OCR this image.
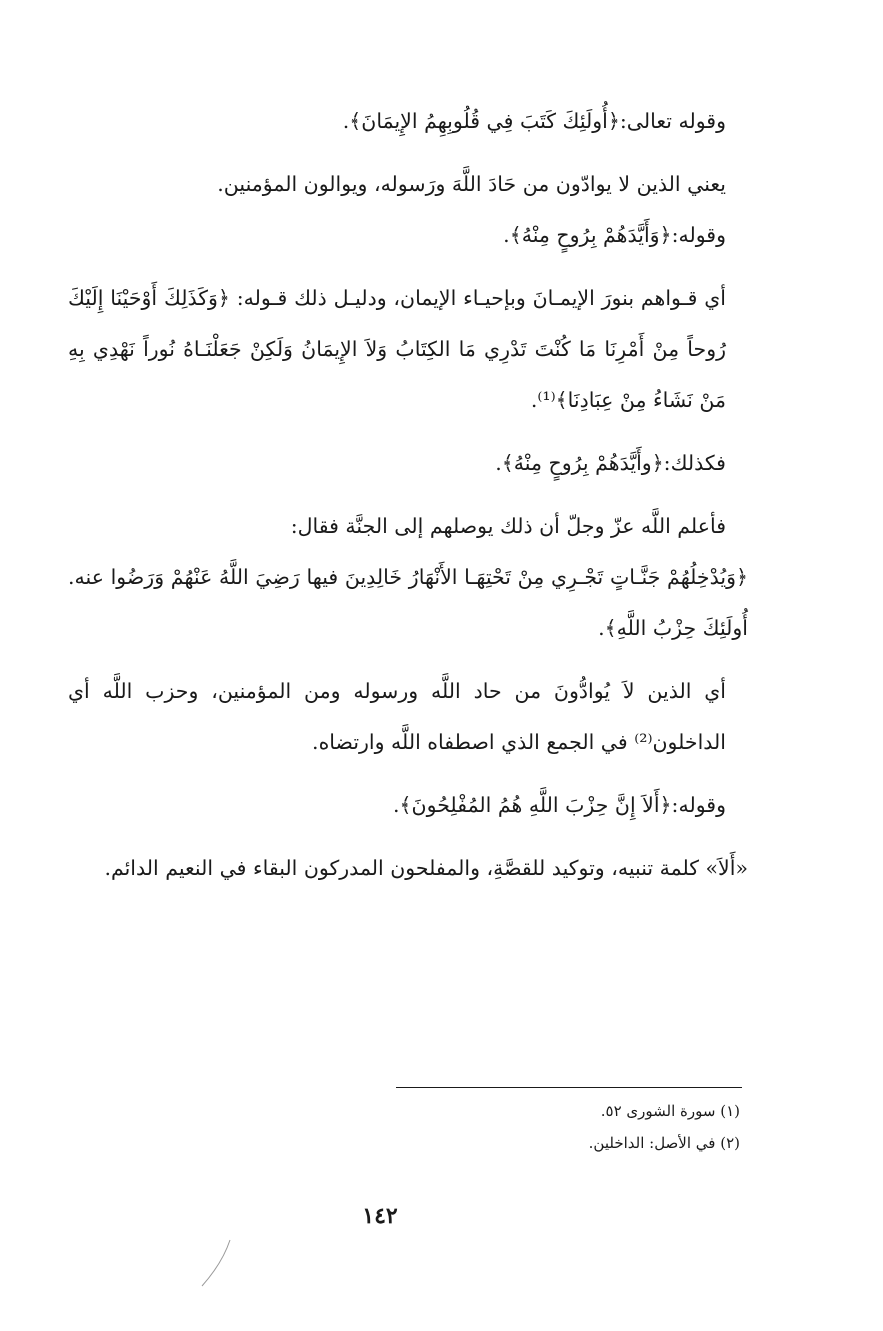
وقوله تعالى:﴿أُولَئِكَ كَتَبَ فِي قُلُوبِهِمُ الإِيمَانَ﴾.

يعني الذين لا يوادّون من حَادَ اللَّهَ ورَسوله، ويوالون المؤمنين.

وقوله:﴿وَأَيَّدَهُمْ بِرُوحٍ مِنْهُ﴾.

أي قـواهم بنورَ الإيمـانَ وبإحيـاء الإيمان، ودليـل ذلك قـوله: ﴿وَكَذَلِكَ أَوْحَيْنَا إِلَيْكَ رُوحاً مِنْ أَمْرِنَا مَا كُنْتَ تَدْرِي مَا الكِتَابُ وَلاَ الإِيمَانُ وَلَكِنْ جَعَلْنَـاهُ نُوراً نَهْدِي بِهِ مَنْ نَشَاءُ مِنْ عِبَادِنَا﴾⁽¹⁾.

فكذلك:﴿وأَيَّدَهُمْ بِرُوحٍ مِنْهُ﴾.

فأعلم اللَّه عزّ وجلّ أن ذلك يوصلهم إلى الجنَّة فقال:

﴿وَيُدْخِلُهُمْ جَنَّـاتٍ تَجْـرِي مِنْ تَحْتِهَـا الأَنْهَارُ خَالِدِينَ فيها رَضِيَ اللَّهُ عَنْهُمْ وَرَضُوا عنه. أُولَئِكَ حِزْبُ اللَّهِ﴾.

أي الذين لاَ يُوادُّونَ من حاد اللَّه ورسوله ومن المؤمنين، وحزب اللَّه أي الداخلون⁽²⁾ في الجمع الذي اصطفاه اللَّه وارتضاه.

وقوله:﴿أَلاَ إِنَّ حِزْبَ اللَّهِ هُمُ المُفْلِحُونَ﴾.

«أَلاَ» كلمة تنبيه، وتوكيد للقصَّةِ، والمفلحون المدركون البقاء في النعيم الدائم.

(١) سورة الشورى ٥٢.
(٢) في الأصل: الداخلين.
١٤٢
